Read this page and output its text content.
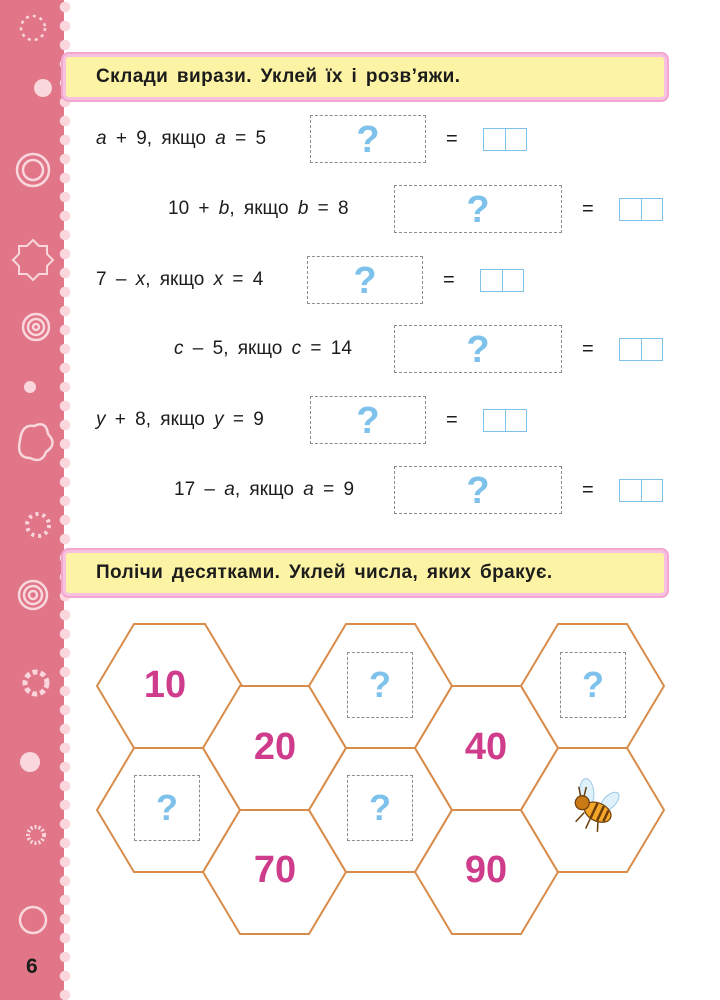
Склади вирази. Уклей їх і розв’яжи.
a + 9, якщо a = 5	?	=
10 + b, якщо b = 8	?	=
7 – x, якщо x = 4	?	=
c – 5, якщо c = 14	?	=
y + 8, якщо y = 9	?	=
17 – a, якщо a = 9	?	=
Полічи десятками. Уклей числа, яких бракує.
10
20	40
70	90
?	?
?	?
6
